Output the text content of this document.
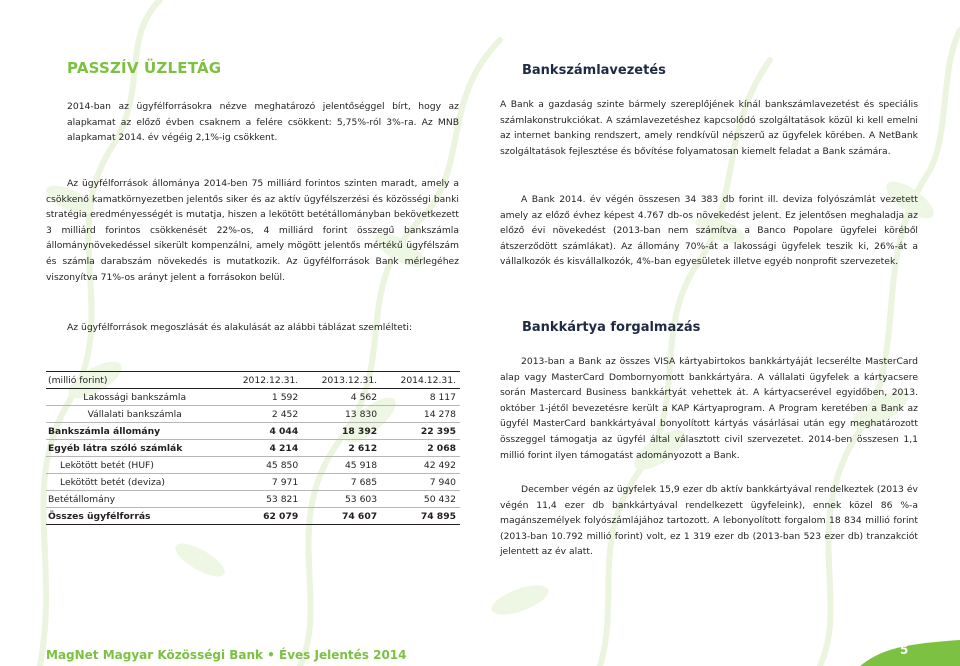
PASSZÍV ÜZLETÁG

2014-ban az ügyfélforrásokra nézve meghatározó jelentőséggel bírt, hogy az alapkamat az előző évben csaknem a felére csökkent: 5,75%-ról 3%-ra. Az MNB alapkamat 2014. év végéig 2,1%-ig csökkent.

Az ügyfélforrások állománya 2014-ben 75 milliárd forintos szinten maradt, amely a csökkenő kamatkörnyezetben jelentős siker és az aktív ügyfélszerzési és közösségi banki stratégia eredményességét is mutatja, hiszen a lekötött betétállományban bekövetkezett 3 milliárd forintos csökkenését 22%-os, 4 milliárd forint összegű bankszámla állománynövekedéssel sikerült kompenzálni, amely mögött jelentős mértékű ügyfélszám és számla darabszám növekedés is mutatkozik. Az ügyfélforrások Bank mérlegéhez viszonyítva 71%-os arányt jelent a forrásokon belül.

Az ügyfélforrások megoszlását és alakulását az alábbi táblázat szemlélteti:

(millió forint)	2012.12.31.	2013.12.31.	2014.12.31.
Lakossági bankszámla	1 592	4 562	8 117
Vállalati bankszámla	2 452	13 830	14 278
Bankszámla állomány	4 044	18 392	22 395
Egyéb látra szóló számlák	4 214	2 612	2 068
Lekötött betét (HUF)	45 850	45 918	42 492
Lekötött betét (deviza)	7 971	7 685	7 940
Betétállomány	53 821	53 603	50 432
Összes ügyfélforrás	62 079	74 607	74 895
Bankszámlavezetés

A Bank a gazdaság szinte bármely szereplőjének kínál bankszámlavezetést és speciális számlakonstrukciókat. A számlavezetéshez kapcsolódó szolgáltatások közül ki kell emelni az internet banking rendszert, amely rendkívül népszerű az ügyfelek körében. A NetBank szolgáltatások fejlesztése és bővítése folyamatosan kiemelt feladat a Bank számára.

A Bank 2014. év végén összesen 34 383 db forint ill. deviza folyószámlát vezetett amely az előző évhez képest 4.767 db-os növekedést jelent. Ez jelentősen meghaladja az előző évi növekedést (2013-ban nem számítva a Banco Popolare ügyfelei köréből átszerződött számlákat). Az állomány 70%-át a lakossági ügyfelek teszik ki, 26%-át a vállalkozók és kisvállalkozók, 4%-ban egyesületek illetve egyéb nonprofit szervezetek.

Bankkártya forgalmazás

2013-ban a Bank az összes VISA kártyabirtokos bankkártyáját lecserélte MasterCard alap vagy MasterCard Dombornyomott bankkártyára. A vállalati ügyfelek a kártyacsere során Mastercard Business bankkártyát vehettek át. A kártyacserével egyidőben, 2013. október 1-jétől bevezetésre került a KAP Kártyaprogram. A Program keretében a Bank az ügyfél MasterCard bankkártyával bonyolított kártyás vásárlásai után egy meghatározott összeggel támogatja az ügyfél által választott civil szervezetet. 2014-ben összesen 1,1 millió forint ilyen támogatást adományozott a Bank.

December végén az ügyfelek 15,9 ezer db aktív bankkártyával rendelkeztek (2013 év végén 11,4 ezer db bankkártyával rendelkezett ügyfeleink), ennek közel 86 %-a magánszemélyek folyószámlájához tartozott. A lebonyolított forgalom 18 834 millió forint (2013-ban 10.792 millió forint) volt, ez 1 319 ezer db (2013-ban 523 ezer db) tranzakciót jelentett az év alatt.

MagNet Magyar Közösségi Bank • Éves Jelentés 2014	5
